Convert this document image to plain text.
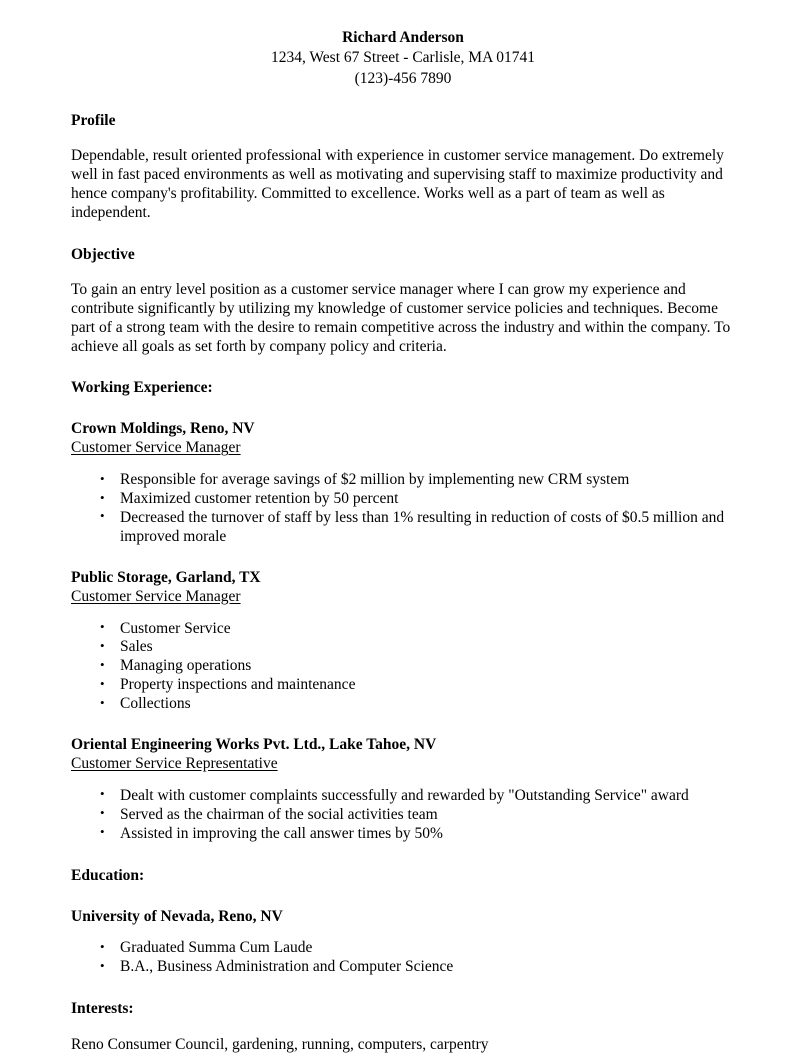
Richard Anderson
1234, West 67 Street - Carlisle, MA 01741
(123)-456 7890
Profile
Dependable, result oriented professional with experience in customer service management. Do extremely well in fast paced environments as well as motivating and supervising staff to maximize productivity and hence company's profitability. Committed to excellence. Works well as a part of team as well as independent.
Objective
To gain an entry level position as a customer service manager where I can grow my experience and contribute significantly by utilizing my knowledge of customer service policies and techniques. Become part of a strong team with the desire to remain competitive across the industry and within the company. To achieve all goals as set forth by company policy and criteria.
Working Experience:
Crown Moldings, Reno, NV
Customer Service Manager
• Responsible for average savings of $2 million by implementing new CRM system
• Maximized customer retention by 50 percent
• Decreased the turnover of staff by less than 1% resulting in reduction of costs of $0.5 million and improved morale
Public Storage, Garland, TX
Customer Service Manager
• Customer Service
• Sales
• Managing operations
• Property inspections and maintenance
• Collections
Oriental Engineering Works Pvt. Ltd., Lake Tahoe, NV
Customer Service Representative
• Dealt with customer complaints successfully and rewarded by "Outstanding Service" award
• Served as the chairman of the social activities team
• Assisted in improving the call answer times by 50%
Education:
University of Nevada, Reno, NV
• Graduated Summa Cum Laude
• B.A., Business Administration and Computer Science
Interests:
Reno Consumer Council, gardening, running, computers, carpentry
